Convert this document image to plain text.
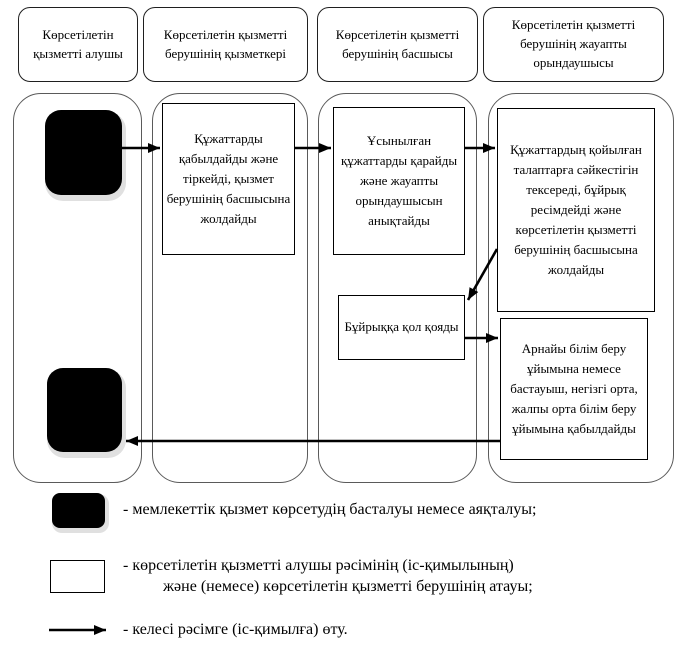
Көрсетілетін қызметті алушы
Көрсетілетін қызметті берушінің қызметкері
Көрсетілетін қызметті берушінің басшысы
Көрсетілетін қызметті берушінің жауапты орындаушысы
Құжаттарды қабылдайды және тіркейді, қызмет берушінің басшысына жолдайды
Ұсынылған құжаттарды қарайды және жауапты орындаушысын анықтайды
Бұйрыққа қол қояды
Құжаттардың қойылған талаптарға сәйкестігін тексереді, бұйрық ресімдейді және көрсетілетін қызметті берушінің басшысына жолдайды
Арнайы білім беру ұйымына немесе бастауыш, негізгі орта, жалпы орта білім беру ұйымына қабылдайды
- мемлекеттік қызмет көрсетудің басталуы немесе аяқталуы;
- көрсетілетін қызметті алушы рәсімінің (іс-қимылының)
және (немесе) көрсетілетін қызметті берушінің атауы;
- келесі рәсімге (іс-қимылға) өту.
